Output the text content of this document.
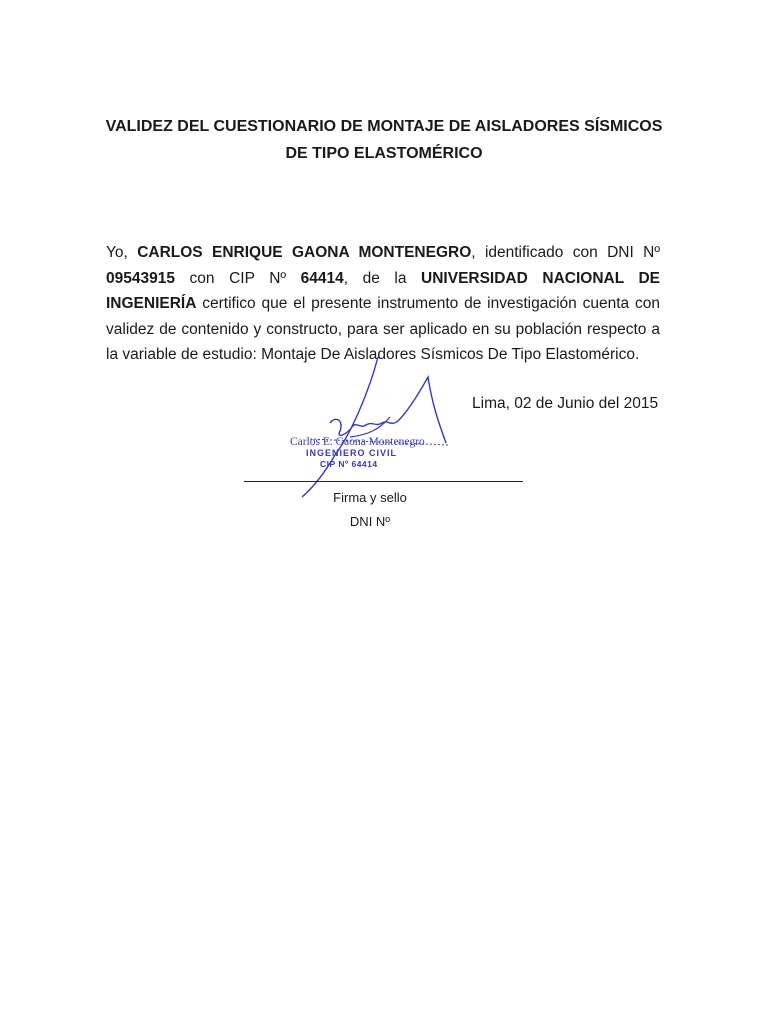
VALIDEZ DEL CUESTIONARIO DE MONTAJE DE AISLADORES SÍSMICOS
DE TIPO ELASTOMÉRICO
Yo, CARLOS ENRIQUE GAONA MONTENEGRO, identificado con DNI Nº 09543915 con CIP Nº 64414, de la UNIVERSIDAD NACIONAL DE INGENIERÍA certifico que el presente instrumento de investigación cuenta con validez de contenido y constructo, para ser aplicado en su población respecto a la variable de estudio: Montaje De Aisladores Sísmicos De Tipo Elastomérico.
Lima, 02 de Junio del 2015
Carlos E. Gaona Montenegro
INGENIERO CIVIL
CIP Nº 64414
Firma y sello
DNI Nº
